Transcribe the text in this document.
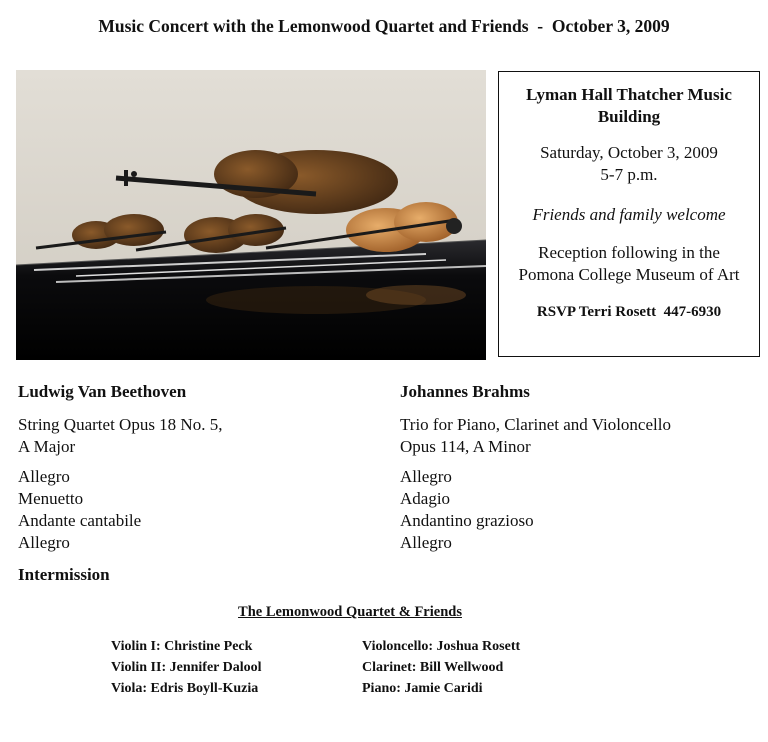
Music Concert with the Lemonwood Quartet and Friends  -  October 3, 2009
Lyman Hall Thatcher Music Building
Saturday, October 3, 2009
5-7 p.m.
Friends and family welcome
Reception following in the
Pomona College Museum of Art
RSVP Terri Rosett  447-6930
Ludwig Van Beethoven
String Quartet Opus 18 No. 5,
A Major
Allegro
Menuetto
Andante cantabile
Allegro
Johannes Brahms
Trio for Piano, Clarinet and Violoncello
Opus 114, A Minor
Allegro
Adagio
Andantino grazioso
Allegro
Intermission
The Lemonwood Quartet & Friends
Violin I: Christine Peck
Violin II: Jennifer Dalool
Viola: Edris Boyll-Kuzia
Violoncello: Joshua Rosett
Clarinet: Bill Wellwood
Piano: Jamie Caridi
